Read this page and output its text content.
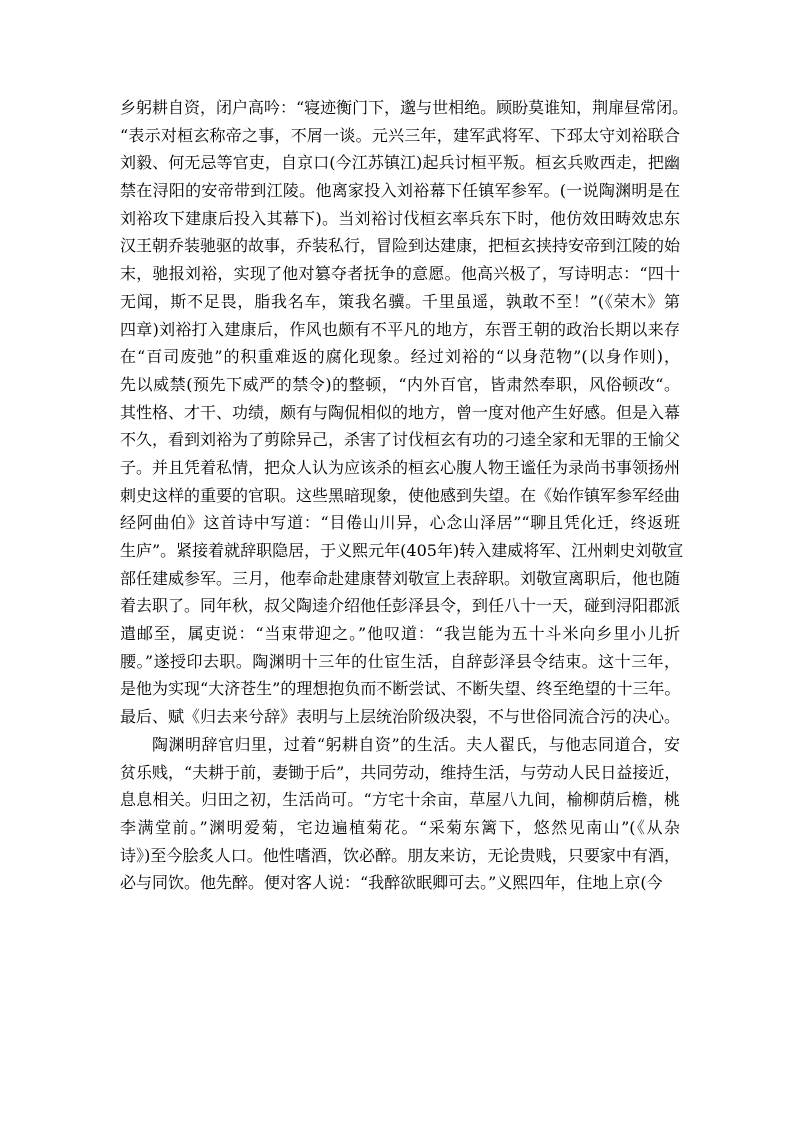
乡躬耕自资，闭户高吟：“寝迹衡门下，邈与世相绝。顾盼莫谁知，荆扉昼常闭。
“表示对桓玄称帝之事，不屑一谈。元兴三年，建军武将军、下邳太守刘裕联合
刘毅、何无忌等官吏，自京口(今江苏镇江)起兵讨桓平叛。桓玄兵败西走，把幽
禁在浔阳的安帝带到江陵。他离家投入刘裕幕下任镇军参军。(一说陶渊明是在
刘裕攻下建康后投入其幕下)。当刘裕讨伐桓玄率兵东下时，他仿效田畴效忠东
汉王朝乔装驰驱的故事，乔装私行，冒险到达建康，把桓玄挟持安帝到江陵的始
末，驰报刘裕，实现了他对篡夺者抚争的意愿。他高兴极了，写诗明志：“四十
无闻，斯不足畏，脂我名车，策我名骥。千里虽遥，孰敢不至！”(《荣木》第
四章)刘裕打入建康后，作风也颇有不平凡的地方，东晋王朝的政治长期以来存
在“百司废弛”的积重难返的腐化现象。经过刘裕的“以身范物”(以身作则)，
先以威禁(预先下威严的禁令)的整顿，“内外百官，皆肃然奉职，风俗顿改“。
其性格、才干、功绩，颇有与陶侃相似的地方，曾一度对他产生好感。但是入幕
不久，看到刘裕为了剪除异己，杀害了讨伐桓玄有功的刁逵全家和无罪的王愉父
子。并且凭着私情，把众人认为应该杀的桓玄心腹人物王谧任为录尚书事领扬州
刺史这样的重要的官职。这些黑暗现象，使他感到失望。在《始作镇军参军经曲
经阿曲伯》这首诗中写道：“目倦山川异，心念山泽居”“聊且凭化迁，终返班
生庐”。紧接着就辞职隐居，于义熙元年(405年)转入建威将军、江州刺史刘敬宣
部任建威参军。三月，他奉命赴建康替刘敬宣上表辞职。刘敬宣离职后，他也随
着去职了。同年秋，叔父陶逵介绍他任彭泽县令，到任八十一天，碰到浔阳郡派
遣邮至，属吏说：“当束带迎之。”他叹道：“我岂能为五十斗米向乡里小儿折
腰。”遂授印去职。陶渊明十三年的仕宦生活，自辞彭泽县令结束。这十三年，
是他为实现“大济苍生”的理想抱负而不断尝试、不断失望、终至绝望的十三年。
最后、赋《归去来兮辞》表明与上层统治阶级决裂，不与世俗同流合污的决心。
陶渊明辞官归里，过着“躬耕自资”的生活。夫人翟氏，与他志同道合，安
贫乐贱，“夫耕于前，妻锄于后”，共同劳动，维持生活，与劳动人民日益接近，
息息相关。归田之初，生活尚可。“方宅十余亩，草屋八九间，榆柳荫后檐，桃
李满堂前。”渊明爱菊，宅边遍植菊花。“采菊东篱下，悠然见南山”(《从杂
诗》)至今脍炙人口。他性嗜酒，饮必醉。朋友来访，无论贵贱，只要家中有酒，
必与同饮。他先醉。便对客人说：“我醉欲眠卿可去。”义熙四年，住地上京(今
